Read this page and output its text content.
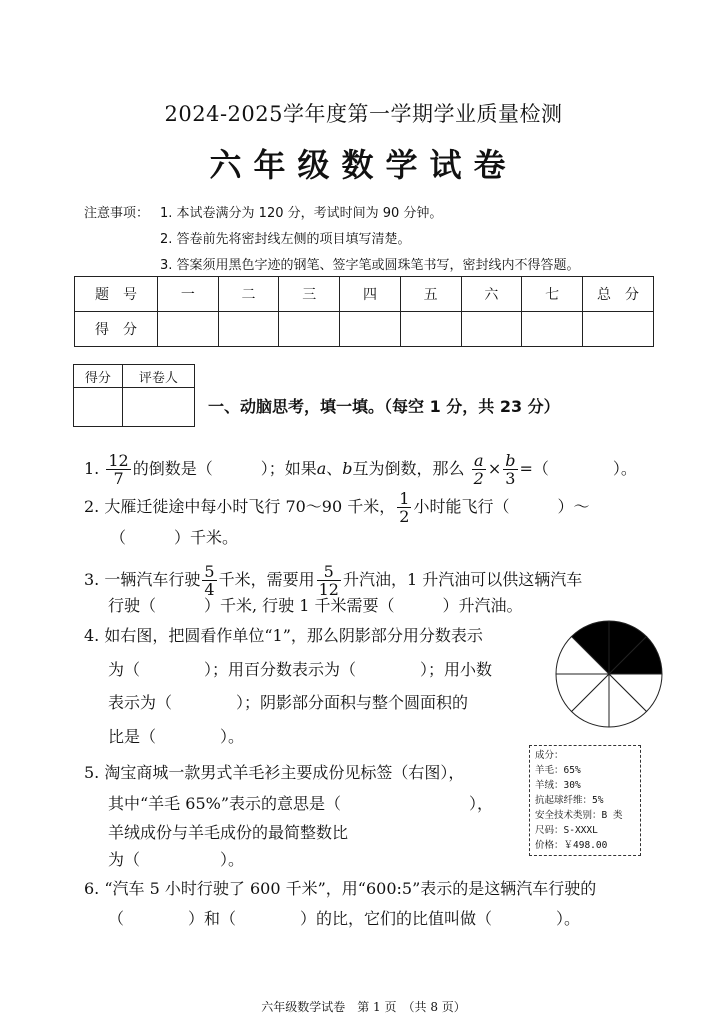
2024-2025学年度第一学期学业质量检测
六年级数学试卷
注意事项： 1. 本试卷满分为 120 分，考试时间为 90 分钟。
2. 答卷前先将密封线左侧的项目填写清楚。
3. 答案须用黑色字迹的钢笔、签字笔或圆珠笔书写，密封线内不得答题。
题　号	一	二	三	四	五	六	七	总　分
得　分								
得分	评卷人

一、动脑思考，填一填。（每空 1 分，共 23 分）
1. $\frac{12}{7}$ 的倒数是（　　　）；如果a、b互为倒数，那么 $\frac{a}{2} \times \frac{b}{3}$ =（　　　　）。
2. 大雁迁徙途中每小时飞行 70～90 千米， $\frac{1}{2}$ 小时能飞行（　　　）～
（　　　）千米。
3. 一辆汽车行驶 $\frac{5}{4}$ 千米，需要用 $\frac{5}{12}$ 升汽油，1 升汽油可以供这辆汽车
行驶（　　　）千米, 行驶 1 千米需要（　　　）升汽油。
4. 如右图，把圆看作单位“1”，那么阴影部分用分数表示
为（　　　　）；用百分数表示为（　　　　）；用小数
表示为（　　　　）；阴影部分面积与整个圆面积的
比是（　　　　）。
5. 淘宝商城一款男式羊毛衫主要成份见标签（右图），
其中“羊毛 65%”表示的意思是（　　　　　　　　），
羊绒成份与羊毛成份的最简整数比
为（　　　　　）。
成分：
羊毛：65%
羊绒：30%
抗起球纤维：5%
安全技术类别：B 类
尺码：S-XXXL
价格：￥498.00
6. “汽车 5 小时行驶了 600 千米”，用“600:5”表示的是这辆汽车行驶的
（　　　　）和（　　　　）的比，它们的比值叫做（　　　　）。
六年级数学试卷　第 1 页　（共 8 页）
